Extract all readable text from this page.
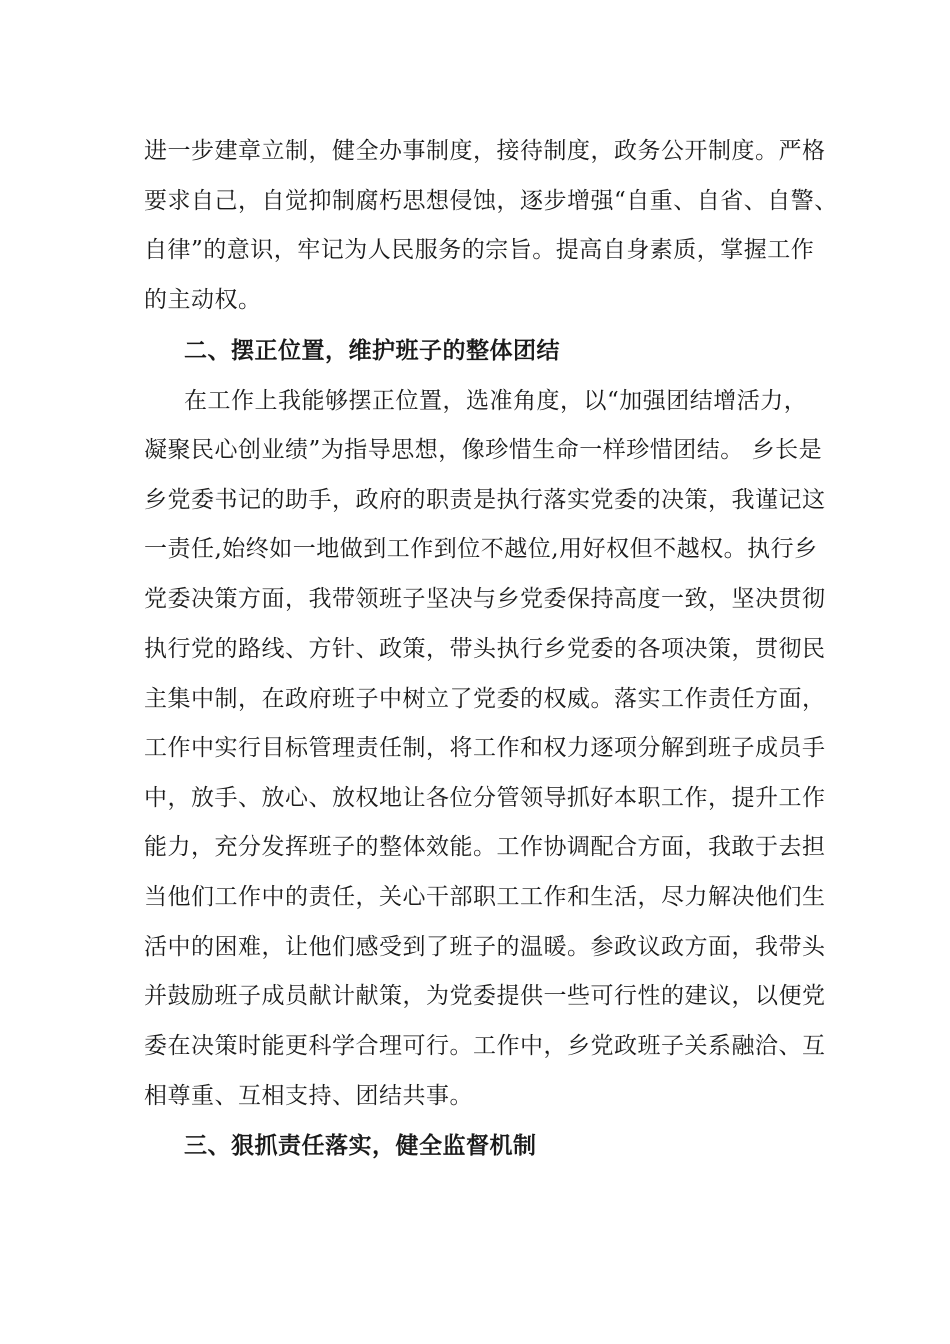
进一步建章立制，健全办事制度，接待制度，政务公开制度。严格
要求自己，自觉抑制腐朽思想侵蚀，逐步增强“自重、自省、自警、
自律”的意识，牢记为人民服务的宗旨。提高自身素质，掌握工作
的主动权。
二、摆正位置，维护班子的整体团结
在工作上我能够摆正位置，选准角度，以“加强团结增活力，
凝聚民心创业绩”为指导思想，像珍惜生命一样珍惜团结。 乡长是
乡党委书记的助手，政府的职责是执行落实党委的决策，我谨记这
一责任,始终如一地做到工作到位不越位,用好权但不越权。执行乡
党委决策方面，我带领班子坚决与乡党委保持高度一致，坚决贯彻
执行党的路线、方针、政策，带头执行乡党委的各项决策，贯彻民
主集中制，在政府班子中树立了党委的权威。落实工作责任方面，
工作中实行目标管理责任制，将工作和权力逐项分解到班子成员手
中，放手、放心、放权地让各位分管领导抓好本职工作，提升工作
能力，充分发挥班子的整体效能。工作协调配合方面，我敢于去担
当他们工作中的责任，关心干部职工工作和生活，尽力解决他们生
活中的困难，让他们感受到了班子的温暖。参政议政方面，我带头
并鼓励班子成员献计献策，为党委提供一些可行性的建议，以便党
委在决策时能更科学合理可行。工作中，乡党政班子关系融洽、互
相尊重、互相支持、团结共事。
三、狠抓责任落实，健全监督机制
